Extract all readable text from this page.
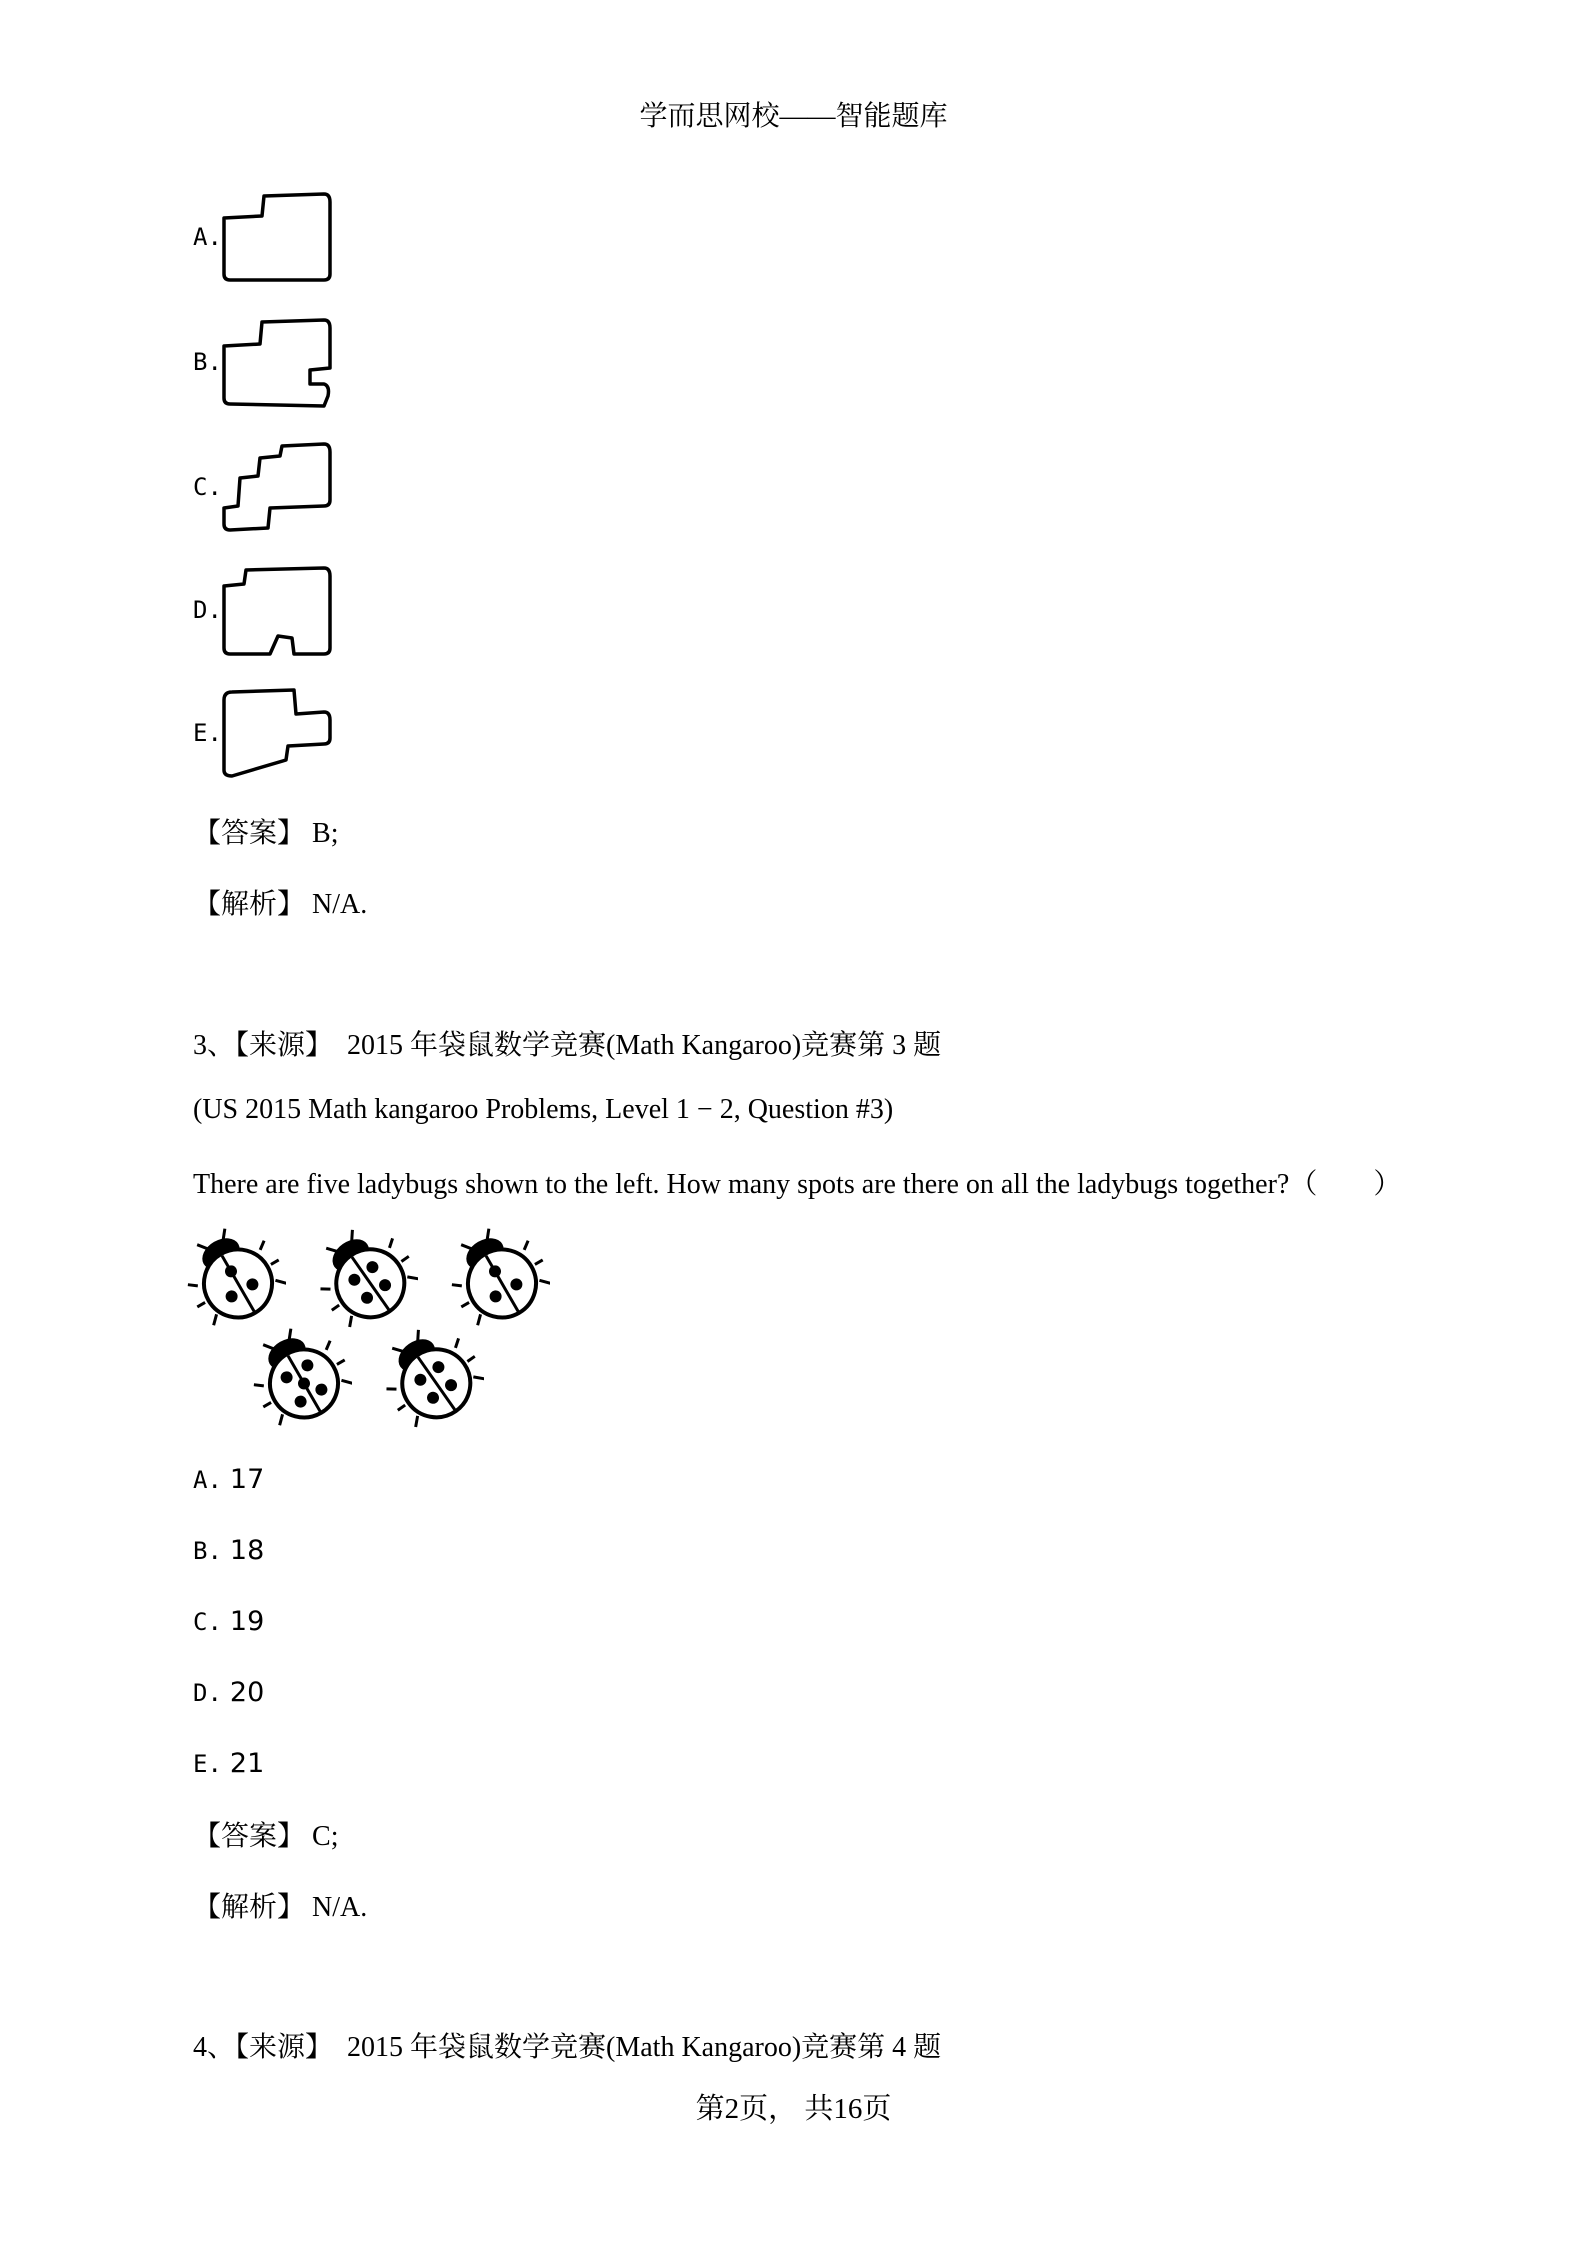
学而思网校——智能题库
A.
B.
C.
D.
E.
【答案】 B;
【解析】 N/A.
3、【来源】 2015 年袋鼠数学竞赛(Math Kangaroo)竞赛第 3 题
(US 2015 Math kangaroo Problems, Level 1 − 2, Question #3)
There are five ladybugs shown to the left. How many spots are there on all the ladybugs together?（　　）
A. 17
B. 18
C. 19
D. 20
E. 21
【答案】 C;
【解析】 N/A.
4、【来源】 2015 年袋鼠数学竞赛(Math Kangaroo)竞赛第 4 题
第2页， 共16页
